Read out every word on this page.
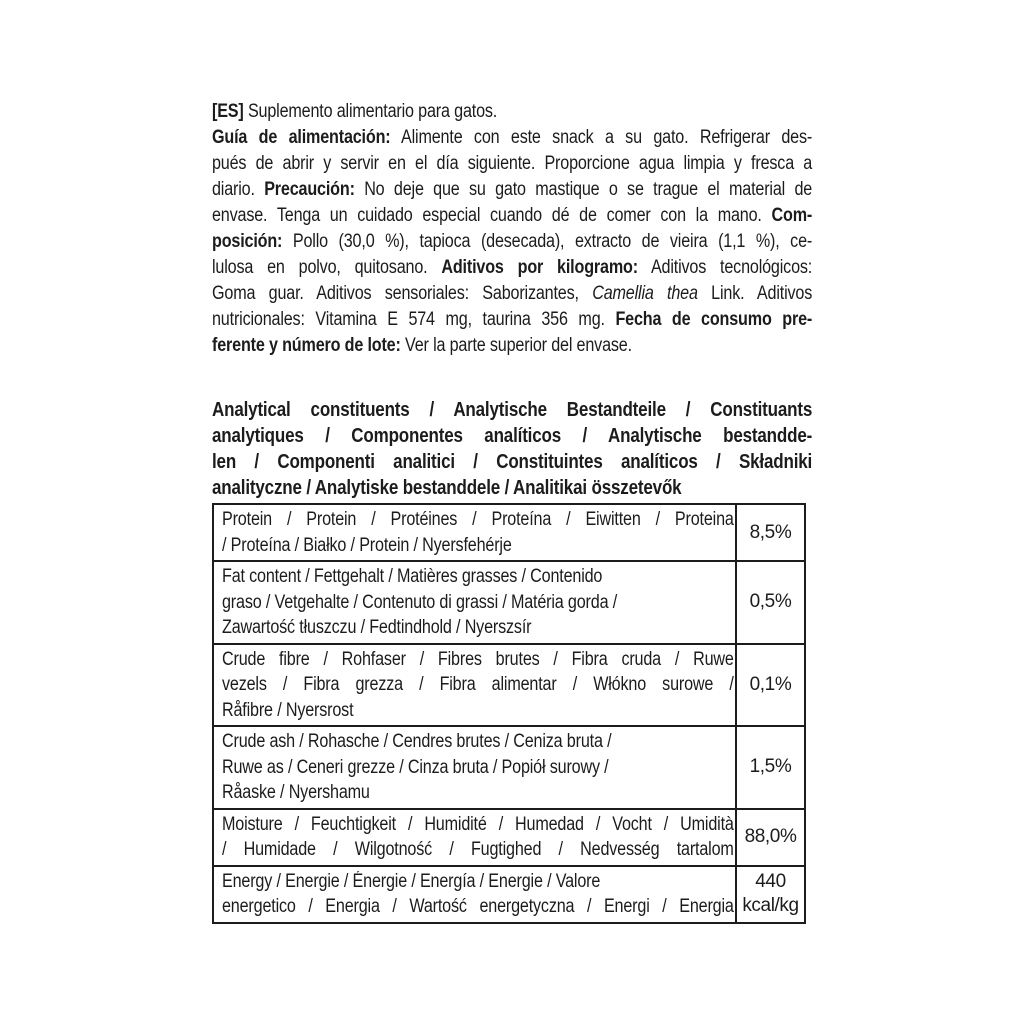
[ES] Suplemento alimentario para gatos.
Guía de alimentación: Alimente con este snack a su gato. Refrigerar des-
pués de abrir y servir en el día siguiente. Proporcione agua limpia y fresca a
diario. Precaución: No deje que su gato mastique o se trague el material de
envase. Tenga un cuidado especial cuando dé de comer con la mano. Com-
posición: Pollo (30,0 %), tapioca (desecada), extracto de vieira (1,1 %), ce-
lulosa en polvo, quitosano. Aditivos por kilogramo: Aditivos tecnológicos:
Goma guar. Aditivos sensoriales: Saborizantes, Camellia thea Link. Aditivos
nutricionales: Vitamina E 574 mg, taurina 356 mg. Fecha de consumo pre-
ferente y número de lote: Ver la parte superior del envase.
Analytical constituents / Analytische Bestandteile / Constituants
analytiques / Componentes analíticos / Analytische bestandde-
len / Componenti analitici / Constituintes analíticos / Składniki
analityczne / Analytiske bestanddele / Analitikai összetevők
Protein / Protein / Protéines / Proteína / Eiwitten / Proteina
/ Proteína / Białko / Protein / Nyersfehérje
8,5%
Fat content / Fettgehalt / Matières grasses / Contenido
graso / Vetgehalte / Contenuto di grassi / Matéria gorda /
Zawartość tłuszczu / Fedtindhold / Nyerszsír
0,5%
Crude fibre / Rohfaser / Fibres brutes / Fibra cruda / Ruwe
vezels / Fibra grezza / Fibra alimentar / Włókno surowe /
Råfibre / Nyersrost
0,1%
Crude ash / Rohasche / Cendres brutes / Ceniza bruta /
Ruwe as / Ceneri grezze / Cinza bruta / Popiół surowy /
Råaske / Nyershamu
1,5%
Moisture / Feuchtigkeit / Humidité / Humedad / Vocht / Umidità
/ Humidade / Wilgotność / Fugtighed / Nedvesség tartalom
88,0%
Energy / Energie / Énergie / Energía / Energie / Valore
energetico / Energia / Wartość energetyczna / Energi / Energia
440
kcal/kg
